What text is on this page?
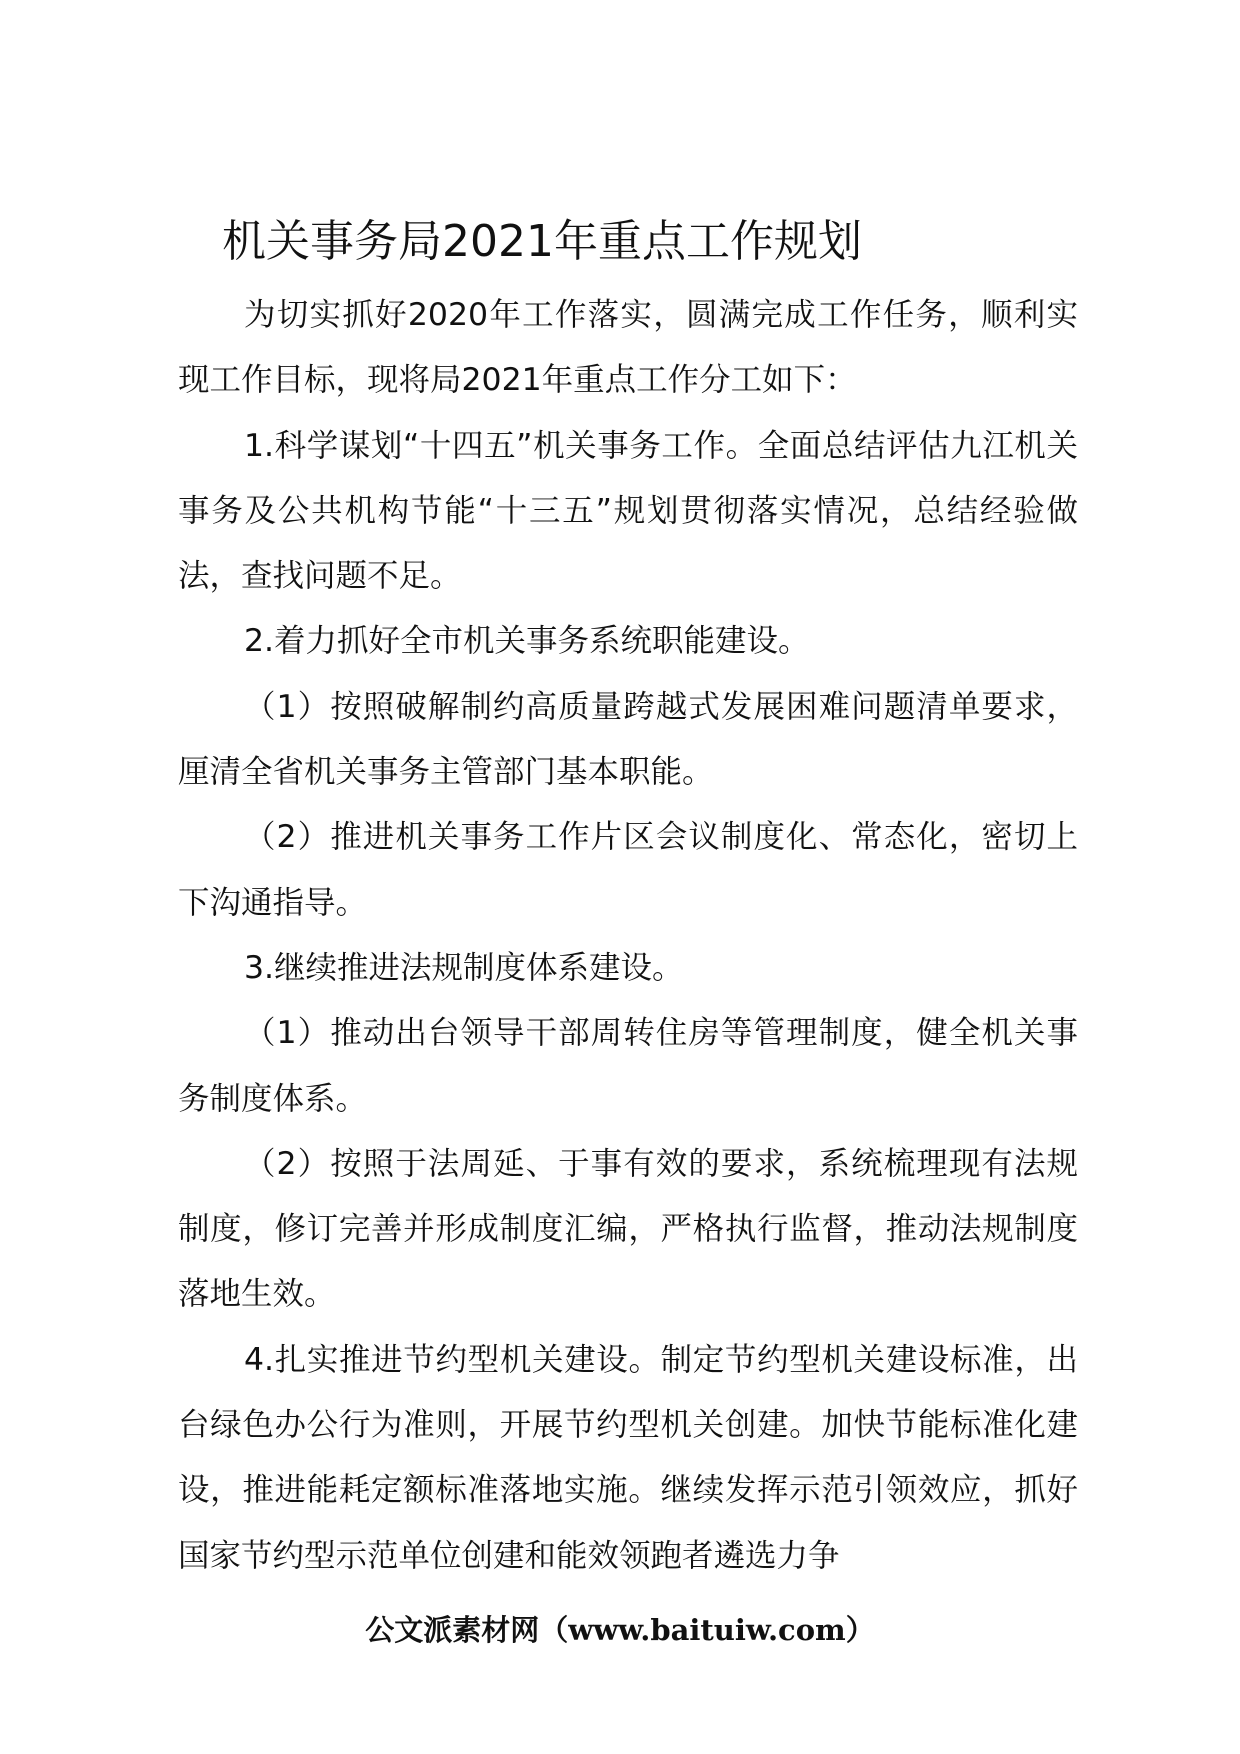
机关事务局2021年重点工作规划

为切实抓好2020年工作落实，圆满完成工作任务，顺利实现工作目标，现将局2021年重点工作分工如下：

1.科学谋划“十四五”机关事务工作。全面总结评估九江机关事务及公共机构节能“十三五”规划贯彻落实情况，总结经验做法，查找问题不足。

2.着力抓好全市机关事务系统职能建设。

（1）按照破解制约高质量跨越式发展困难问题清单要求，厘清全省机关事务主管部门基本职能。

（2）推进机关事务工作片区会议制度化、常态化，密切上下沟通指导。

3.继续推进法规制度体系建设。

（1）推动出台领导干部周转住房等管理制度，健全机关事务制度体系。

（2）按照于法周延、于事有效的要求，系统梳理现有法规制度，修订完善并形成制度汇编，严格执行监督，推动法规制度落地生效。

4.扎实推进节约型机关建设。制定节约型机关建设标准，出台绿色办公行为准则，开展节约型机关创建。加快节能标准化建设，推进能耗定额标准落地实施。继续发挥示范引领效应，抓好国家节约型示范单位创建和能效领跑者遴选力争

公文派素材网（www.baituiw.com）
